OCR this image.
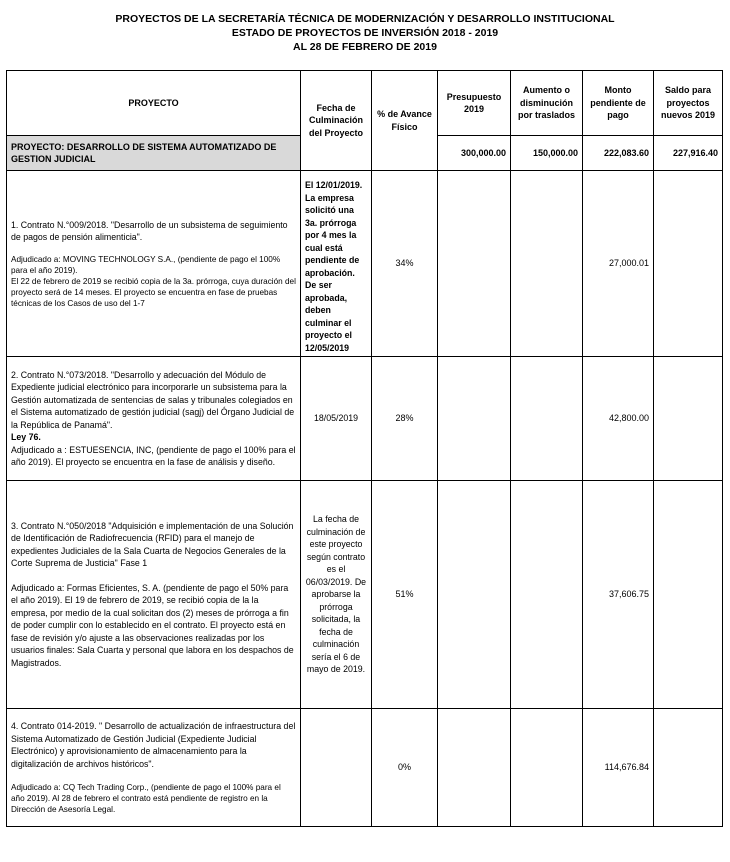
PROYECTOS DE LA SECRETARÍA TÉCNICA DE MODERNIZACIÓN Y DESARROLLO INSTITUCIONAL
ESTADO DE PROYECTOS DE INVERSIÓN 2018 - 2019
AL 28 DE FEBRERO DE 2019
PROYECTO	Fecha de Culminación del Proyecto	% de Avance Físico	Presupuesto 2019	Aumento o disminución por traslados	Monto pendiente de pago	Saldo para proyectos nuevos 2019
PROYECTO: DESARROLLO DE SISTEMA AUTOMATIZADO DE GESTION JUDICIAL			300,000.00	150,000.00	222,083.60	227,916.40

1. Contrato N.°009/2018. "Desarrollo de un subsistema de seguimiento de pagos de pensión alimenticia".

Adjudicado a: MOVING TECHNOLOGY S.A., (pendiente de pago el 100% para el año 2019).

El 22 de febrero de 2019 se recibió copia de la 3a. prórroga, cuya duración del proyecto será de 14 meses. El proyecto se encuentra en fase de pruebas técnicas de los Casos de uso del 1-7	El 12/01/2019. La empresa solicitó una 3a. prórroga por 4 mes la cual está pendiente de aprobación. De ser aprobada, deben culminar el proyecto el 12/05/2019	34%			27,000.01	

2. Contrato N.°073/2018. "Desarrollo y adecuación del Módulo de Expediente judicial electrónico para incorporarle un subsistema para la Gestión automatizada de sentencias de salas y tribunales colegiados en el Sistema automatizado de gestión judicial (sagj) del Órgano Judicial de la República de Panamá".

Ley 76.

Adjudicado a : ESTUESENCIA, INC, (pendiente de pago el 100% para el año 2019). El proyecto se encuentra en la fase de análisis y diseño.	18/05/2019	28%			42,800.00	

3. Contrato N.°050/2018 "Adquisición e implementación de una Solución de Identificación de Radiofrecuencia (RFID) para el manejo de expedientes Judiciales de la Sala Cuarta de Negocios Generales de la Corte Suprema de Justicia" Fase 1

Adjudicado a: Formas Eficientes, S. A. (pendiente de pago el 50% para el año 2019). El 19 de febrero de 2019, se recibió copia de la la empresa, por medio de la cual solicitan dos (2) meses de prórroga a fin de poder cumplir con lo establecido en el contrato. El proyecto está en fase de revisión y/o ajuste a las observaciones realizadas por los usuarios finales: Sala Cuarta y personal que labora en los despachos de Magistrados.	La fecha de culminación de este proyecto según contrato es el 06/03/2019. De aprobarse la prórroga solicitada, la fecha de culminación sería el 6 de mayo de 2019.	51%			37,606.75	

4. Contrato 014-2019. " Desarrollo de actualización de infraestructura del Sistema Automatizado de Gestión Judicial (Expediente Judicial Electrónico) y aprovisionamiento de almacenamiento para la digitalización de archivos históricos".

Adjudicado a: CQ Tech Trading Corp., (pendiente de pago el 100% para el año 2019). Al 28 de febrero el contrato está pendiente de registro en la Dirección de Asesoría Legal.		0%			114,676.84	
